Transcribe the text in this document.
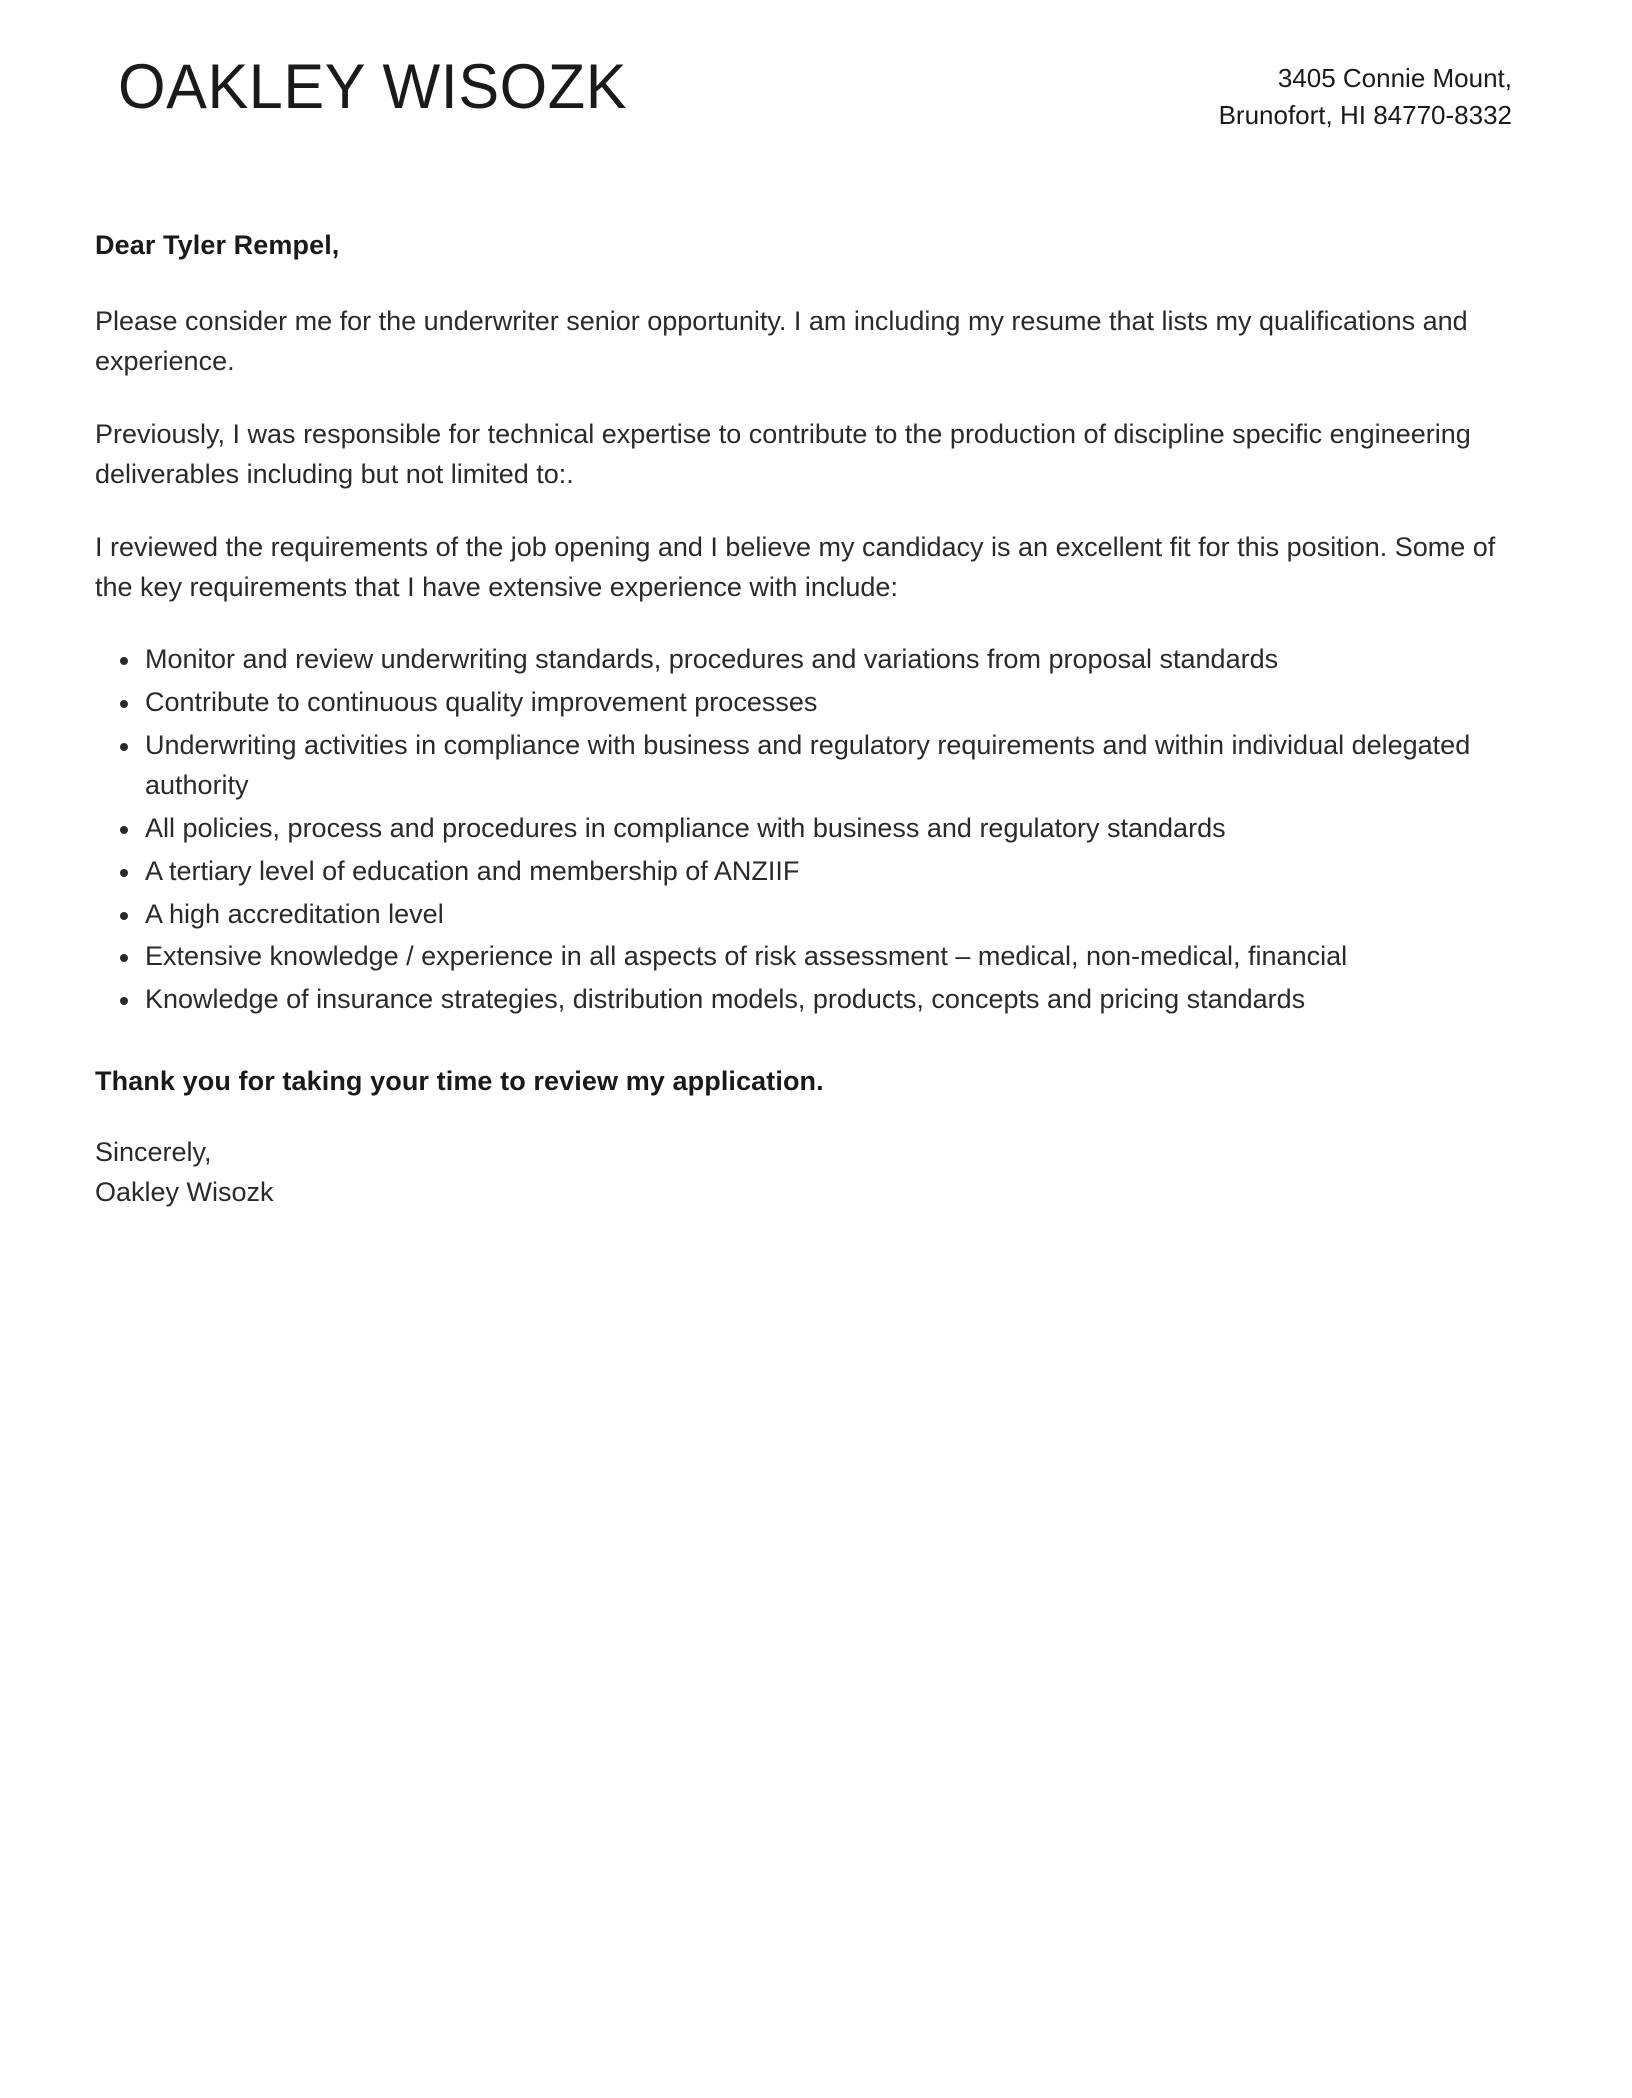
OAKLEY WISOZK	3405 Connie Mount,
Brunofort, HI 84770-8332

Dear Tyler Rempel,

Please consider me for the underwriter senior opportunity. I am including my resume that lists my qualifications and experience.

Previously, I was responsible for technical expertise to contribute to the production of discipline specific engineering deliverables including but not limited to:.

I reviewed the requirements of the job opening and I believe my candidacy is an excellent fit for this position. Some of the key requirements that I have extensive experience with include:

Monitor and review underwriting standards, procedures and variations from proposal standards
Contribute to continuous quality improvement processes
Underwriting activities in compliance with business and regulatory requirements and within individual delegated authority
All policies, process and procedures in compliance with business and regulatory standards
A tertiary level of education and membership of ANZIIF
A high accreditation level
Extensive knowledge / experience in all aspects of risk assessment – medical, non-medical, financial
Knowledge of insurance strategies, distribution models, products, concepts and pricing standards

Thank you for taking your time to review my application.

Sincerely,
Oakley Wisozk
